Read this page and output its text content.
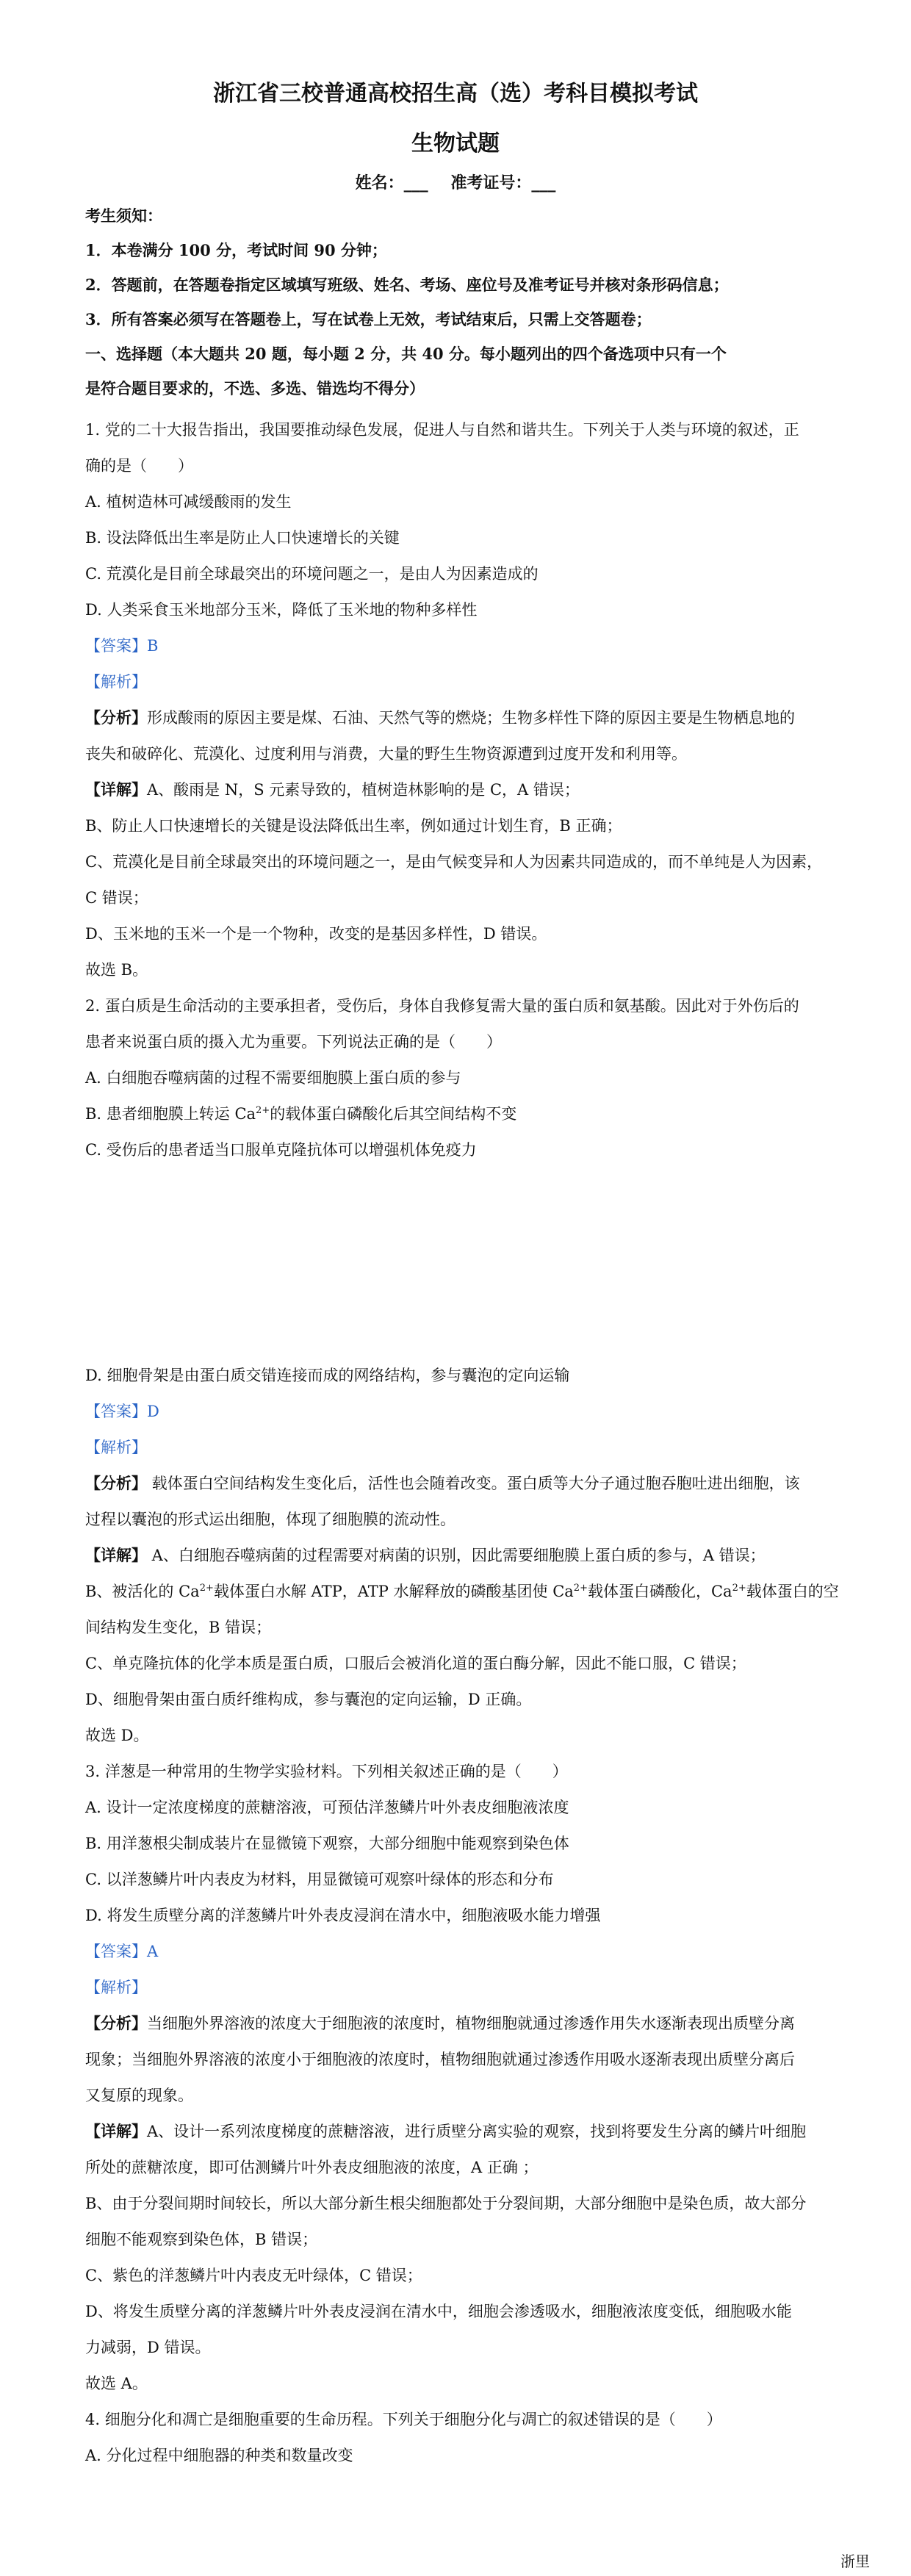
浙江省三校普通高校招生高（选）考科目模拟考试
生物试题
姓名：___ 准考证号：___
考生须知：
1．本卷满分 100 分，考试时间 90 分钟；
2．答题前，在答题卷指定区域填写班级、姓名、考场、座位号及准考证号并核对条形码信息；
3．所有答案必须写在答题卷上，写在试卷上无效，考试结束后，只需上交答题卷；
一、选择题（本大题共 20 题，每小题 2 分，共 40 分。每小题列出的四个备选项中只有一个
是符合题目要求的，不选、多选、错选均不得分）
1. 党的二十大报告指出，我国要推动绿色发展，促进人与自然和谐共生。下列关于人类与环境的叙述，正
确的是（　　）
A. 植树造林可减缓酸雨的发生
B. 设法降低出生率是防止人口快速增长的关键
C. 荒漠化是目前全球最突出的环境问题之一，是由人为因素造成的
D. 人类采食玉米地部分玉米，降低了玉米地的物种多样性
【答案】B
【解析】
【分析】形成酸雨的原因主要是煤、石油、天然气等的燃烧；生物多样性下降的原因主要是生物栖息地的
丧失和破碎化、荒漠化、过度利用与消费，大量的野生生物资源遭到过度开发和利用等。
【详解】A、酸雨是 N，S 元素导致的，植树造林影响的是 C，A 错误；
B、防止人口快速增长的关键是设法降低出生率，例如通过计划生育，B 正确；
C、荒漠化是目前全球最突出的环境问题之一，是由气候变异和人为因素共同造成的，而不单纯是人为因素，
C 错误；
D、玉米地的玉米一个是一个物种，改变的是基因多样性，D 错误。
故选 B。
2. 蛋白质是生命活动的主要承担者，受伤后，身体自我修复需大量的蛋白质和氨基酸。因此对于外伤后的
患者来说蛋白质的摄入尤为重要。下列说法正确的是（　　）
A. 白细胞吞噬病菌的过程不需要细胞膜上蛋白质的参与
B. 患者细胞膜上转运 $Ca^{2+}$的载体蛋白磷酸化后其空间结构不变
C. 受伤后的患者适当口服单克隆抗体可以增强机体免疫力
D. 细胞骨架是由蛋白质交错连接而成的网络结构，参与囊泡的定向运输
【答案】D
【解析】
【分析】 载体蛋白空间结构发生变化后，活性也会随着改变。蛋白质等大分子通过胞吞胞吐进出细胞，该
过程以囊泡的形式运出细胞，体现了细胞膜的流动性。
【详解】 A、白细胞吞噬病菌的过程需要对病菌的识别，因此需要细胞膜上蛋白质的参与，A 错误；
B、被活化的 $Ca^{2+}$载体蛋白水解 ATP，ATP 水解释放的磷酸基团使 $Ca^{2+}$载体蛋白磷酸化，$Ca^{2+}$载体蛋白的空
间结构发生变化，B 错误；
C、单克隆抗体的化学本质是蛋白质，口服后会被消化道的蛋白酶分解，因此不能口服，C 错误；
D、细胞骨架由蛋白质纤维构成，参与囊泡的定向运输，D 正确。
故选 D。
3. 洋葱是一种常用的生物学实验材料。下列相关叙述正确的是（　　）
A. 设计一定浓度梯度的蔗糖溶液，可预估洋葱鳞片叶外表皮细胞液浓度
B. 用洋葱根尖制成装片在显微镜下观察，大部分细胞中能观察到染色体
C. 以洋葱鳞片叶内表皮为材料，用显微镜可观察叶绿体的形态和分布
D. 将发生质壁分离的洋葱鳞片叶外表皮浸润在清水中，细胞液吸水能力增强
【答案】A
【解析】
【分析】当细胞外界溶液的浓度大于细胞液的浓度时，植物细胞就通过渗透作用失水逐渐表现出质壁分离
现象；当细胞外界溶液的浓度小于细胞液的浓度时，植物细胞就通过渗透作用吸水逐渐表现出质壁分离后
又复原的现象。
【详解】A、设计一系列浓度梯度的蔗糖溶液，进行质壁分离实验的观察，找到将要发生分离的鳞片叶细胞
所处的蔗糖浓度，即可估测鳞片叶外表皮细胞液的浓度，A 正确 ；
B、由于分裂间期时间较长，所以大部分新生根尖细胞都处于分裂间期，大部分细胞中是染色质，故大部分
细胞不能观察到染色体，B 错误；
C、紫色的洋葱鳞片叶内表皮无叶绿体，C 错误；
D、将发生质壁分离的洋葱鳞片叶外表皮浸润在清水中，细胞会渗透吸水，细胞液浓度变低，细胞吸水能
力减弱，D 错误。
故选 A。
4. 细胞分化和凋亡是细胞重要的生命历程。下列关于细胞分化与凋亡的叙述错误的是（　　）
A. 分化过程中细胞器的种类和数量改变
浙里
